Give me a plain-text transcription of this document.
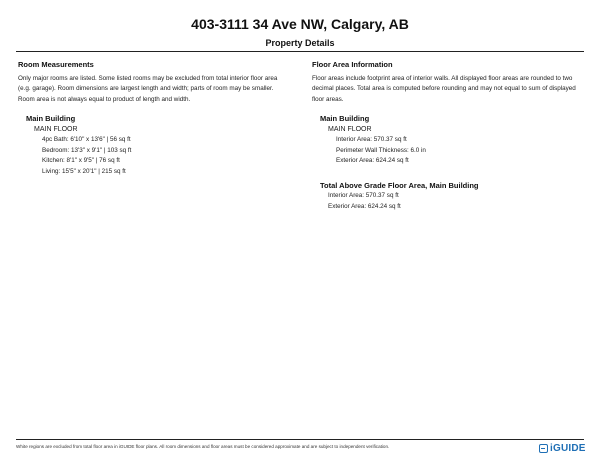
403-3111 34 Ave NW, Calgary, AB
Property Details
Room Measurements
Only major rooms are listed. Some listed rooms may be excluded from total interior floor area
(e.g. garage). Room dimensions are largest length and width; parts of room may be smaller.
Room area is not always equal to product of length and width.
Main Building
MAIN FLOOR
4pc Bath: 6'10" x 13'6" | 56 sq ft
Bedroom: 13'3" x 9'1" | 103 sq ft
Kitchen: 8'1" x 9'5" | 76 sq ft
Living: 15'5" x 20'1" | 215 sq ft
Floor Area Information
Floor areas include footprint area of interior walls. All displayed floor areas are rounded to two
decimal places. Total area is computed before rounding and may not equal to sum of displayed
floor areas.
Main Building
MAIN FLOOR
Interior Area: 570.37 sq ft
Perimeter Wall Thickness: 6.0 in
Exterior Area: 624.24 sq ft
Total Above Grade Floor Area, Main Building
Interior Area: 570.37 sq ft
Exterior Area: 624.24 sq ft
White regions are excluded from total floor area in iGUIDE floor plans. All room dimensions and floor areas must be considered approximate and are subject to independent verification.	iGUIDE
